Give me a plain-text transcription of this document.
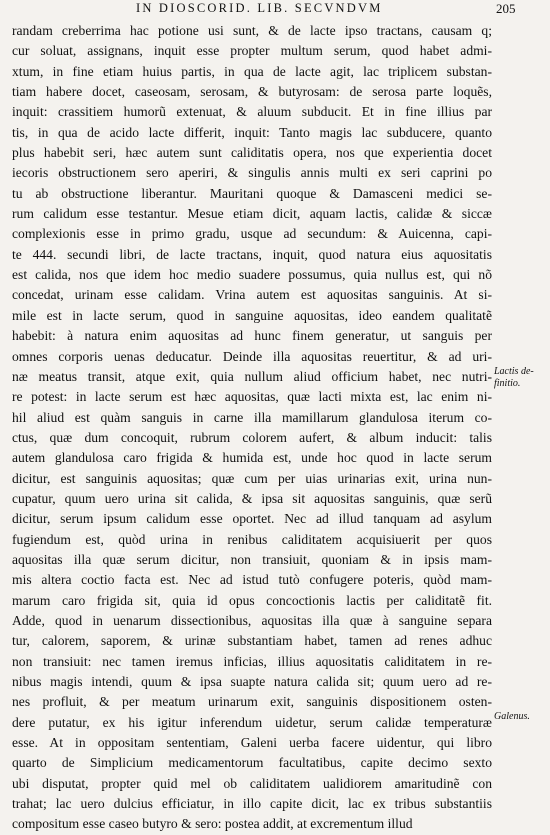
IN DIOSCORID. LIB. SECVNDVM	205
randam creberrima hac potione usi sunt, & de lacte ipso tractans, causam q;
cur soluat, assignans, inquit esse propter multum serum, quod habet admi-
xtum, in fine etiam huius partis, in qua de lacte agit, lac triplicem substan-
tiam habere docet, caseosam, serosam, & butyrosam: de serosa parte loquẽs,
inquit: crassitiem humorũ extenuat, & aluum subducit. Et in fine illius par
tis, in qua de acido lacte differit, inquit: Tanto magis lac subducere, quanto
plus habebit seri, hæc autem sunt caliditatis opera, nos que experientia docet
iecoris obstructionem sero aperiri, & singulis annis multi ex seri caprini po
tu ab obstructione liberantur. Mauritani quoque & Damasceni medici se-
rum calidum esse testantur. Mesue etiam dicit, aquam lactis, calidæ & siccæ
complexionis esse in primo gradu, usque ad secundum: & Auicenna, capi-
te 444. secundi libri, de lacte tractans, inquit, quod natura eius aquositatis
est calida, nos que idem hoc medio suadere possumus, quia nullus est, qui nõ
concedat, urinam esse calidam. Vrina autem est aquositas sanguinis. At si-
mile est in lacte serum, quod in sanguine aquositas, ideo eandem qualitatẽ
habebit: à natura enim aquositas ad hunc finem generatur, ut sanguis per
omnes corporis uenas deducatur. Deinde illa aquositas reuertitur, & ad uri-
næ meatus transit, atque exit, quia nullum aliud officium habet, nec nutri-
re potest: in lacte serum est hæc aquositas, quæ lacti mixta est, lac enim ni-
hil aliud est quàm sanguis in carne illa mamillarum glandulosa iterum co-
ctus, quæ dum concoquit, rubrum colorem aufert, & album inducit: talis
autem glandulosa caro frigida & humida est, unde hoc quod in lacte serum
dicitur, est sanguinis aquositas; quæ cum per uias urinarias exit, urina nun-
cupatur, quum uero urina sit calida, & ipsa sit aquositas sanguinis, quæ serũ
dicitur, serum ipsum calidum esse oportet. Nec ad illud tanquam ad asylum
fugiendum est, quòd urina in renibus caliditatem acquisiuerit per quos
aquositas illa quæ serum dicitur, non transiuit, quoniam & in ipsis mam-
mis altera coctio facta est. Nec ad istud tutò confugere poteris, quòd mam-
marum caro frigida sit, quia id opus concoctionis lactis per caliditatẽ fit.
Adde, quod in uenarum dissectionibus, aquositas illa quæ à sanguine separa
tur, calorem, saporem, & urinæ substantiam habet, tamen ad renes adhuc
non transiuit: nec tamen iremus inficias, illius aquositatis caliditatem in re-
nibus magis intendi, quum & ipsa suapte natura calida sit; quum uero ad re-
nes profluit, & per meatum urinarum exit, sanguinis dispositionem osten-
dere putatur, ex his igitur inferendum uidetur, serum calidæ temperaturæ
esse. At in oppositam sententiam, Galeni uerba facere uidentur, qui libro
quarto de Simplicium medicamentorum facultatibus, capite decimo sexto
ubi disputat, propter quid mel ob caliditatem ualidiorem amaritudinẽ con
trahat; lac uero dulcius efficiatur, in illo capite dicit, lac ex tribus substantiis
compositum esse caseo butyro & sero: postea addit, at excrementum illud
Lactis de-
finitio.
Galenus.
